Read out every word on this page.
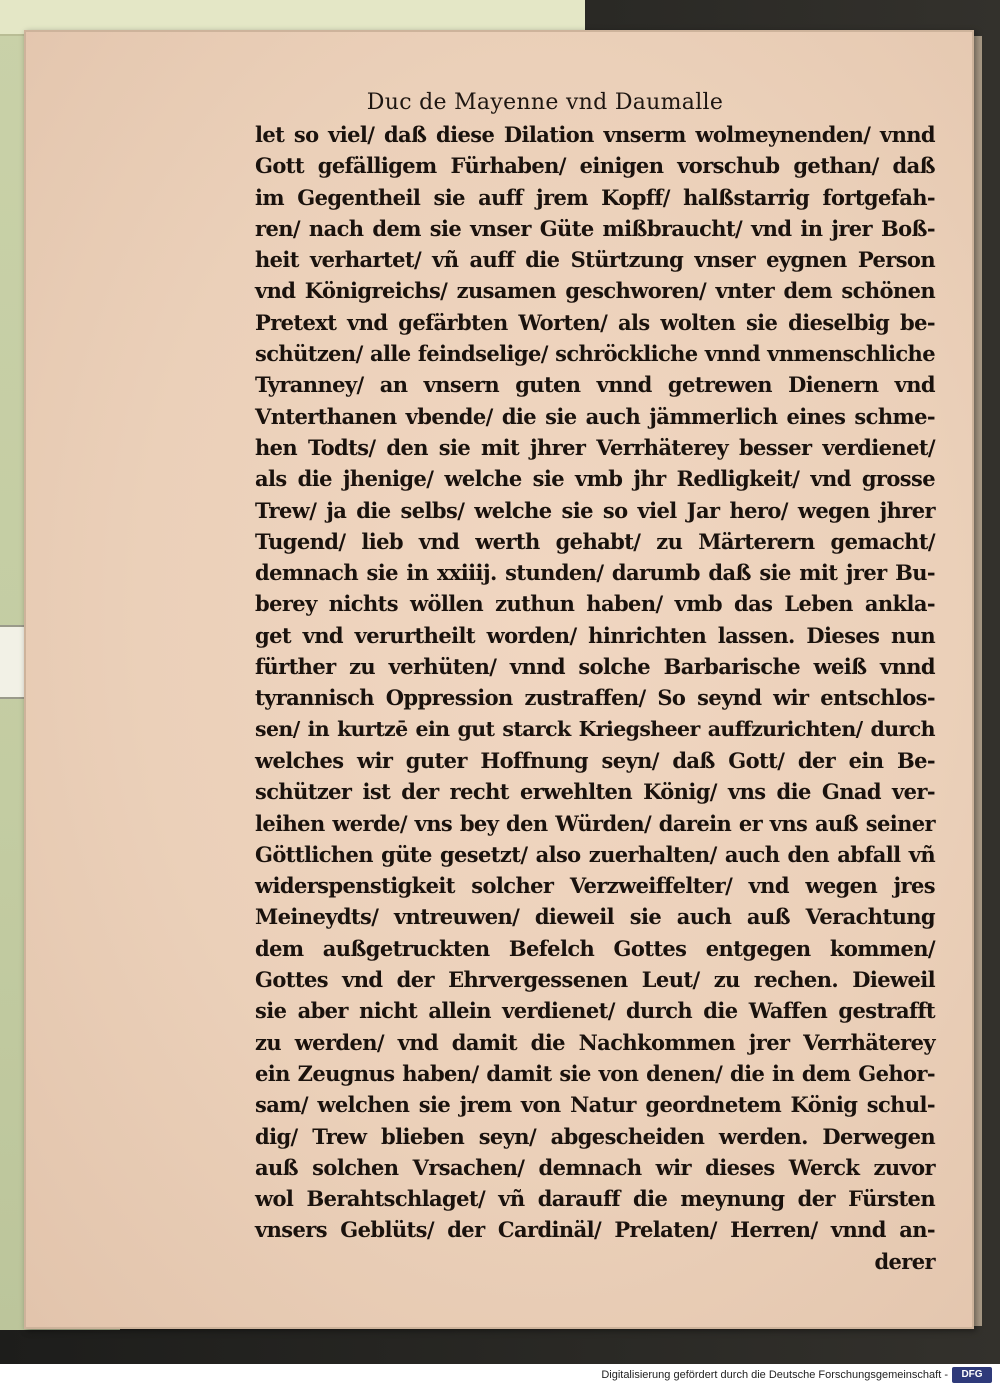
Duc de Mayenne vnd Daumalle
let so viel/ daß diese Dilation vnserm wolmeynenden/ vnnd
Gott gefälligem Fürhaben/ einigen vorschub gethan/ daß
im Gegentheil sie auff jrem Kopff/ halßstarrig fortgefah-
ren/ nach dem sie vnser Güte mißbraucht/ vnd in jrer Boß-
heit verhartet/ vñ auff die Stürtzung vnser eygnen Person
vnd Königreichs/ zusamen geschworen/ vnter dem schönen
Pretext vnd gefärbten Worten/ als wolten sie dieselbig be-
schützen/ alle feindselige/ schröckliche vnnd vnmenschliche
Tyranney/ an vnsern guten vnnd getrewen Dienern vnd
Vnterthanen vbende/ die sie auch jämmerlich eines schme-
hen Todts/ den sie mit jhrer Verrhäterey besser verdienet/
als die jhenige/ welche sie vmb jhr Redligkeit/ vnd grosse
Trew/ ja die selbs/ welche sie so viel Jar hero/ wegen jhrer
Tugend/ lieb vnd werth gehabt/ zu Märterern gemacht/
demnach sie in xxiiij. stunden/ darumb daß sie mit jrer Bu-
berey nichts wöllen zuthun haben/ vmb das Leben ankla-
get vnd verurtheilt worden/ hinrichten lassen. Dieses nun
fürther zu verhüten/ vnnd solche Barbarische weiß vnnd
tyrannisch Oppression zustraffen/ So seynd wir entschlos-
sen/ in kurtzē ein gut starck Kriegsheer auffzurichten/ durch
welches wir guter Hoffnung seyn/ daß Gott/ der ein Be-
schützer ist der recht erwehlten König/ vns die Gnad ver-
leihen werde/ vns bey den Würden/ darein er vns auß seiner
Göttlichen güte gesetzt/ also zuerhalten/ auch den abfall vñ
widerspenstigkeit solcher Verzweiffelter/ vnd wegen jres
Meineydts/ vntreuwen/ dieweil sie auch auß Verachtung
dem außgetruckten Befelch Gottes entgegen kommen/
Gottes vnd der Ehrvergessenen Leut/ zu rechen. Dieweil
sie aber nicht allein verdienet/ durch die Waffen gestrafft
zu werden/ vnd damit die Nachkommen jrer Verrhäterey
ein Zeugnus haben/ damit sie von denen/ die in dem Gehor-
sam/ welchen sie jrem von Natur geordnetem König schul-
dig/ Trew blieben seyn/ abgescheiden werden. Derwegen
auß solchen Vrsachen/ demnach wir dieses Werck zuvor
wol Berahtschlaget/ vñ darauff die meynung der Fürsten
vnsers Geblüts/ der Cardinäl/ Prelaten/ Herren/ vnnd an-
derer
Digitalisierung gefördert durch die Deutsche Forschungsgemeinschaft -	DFG
